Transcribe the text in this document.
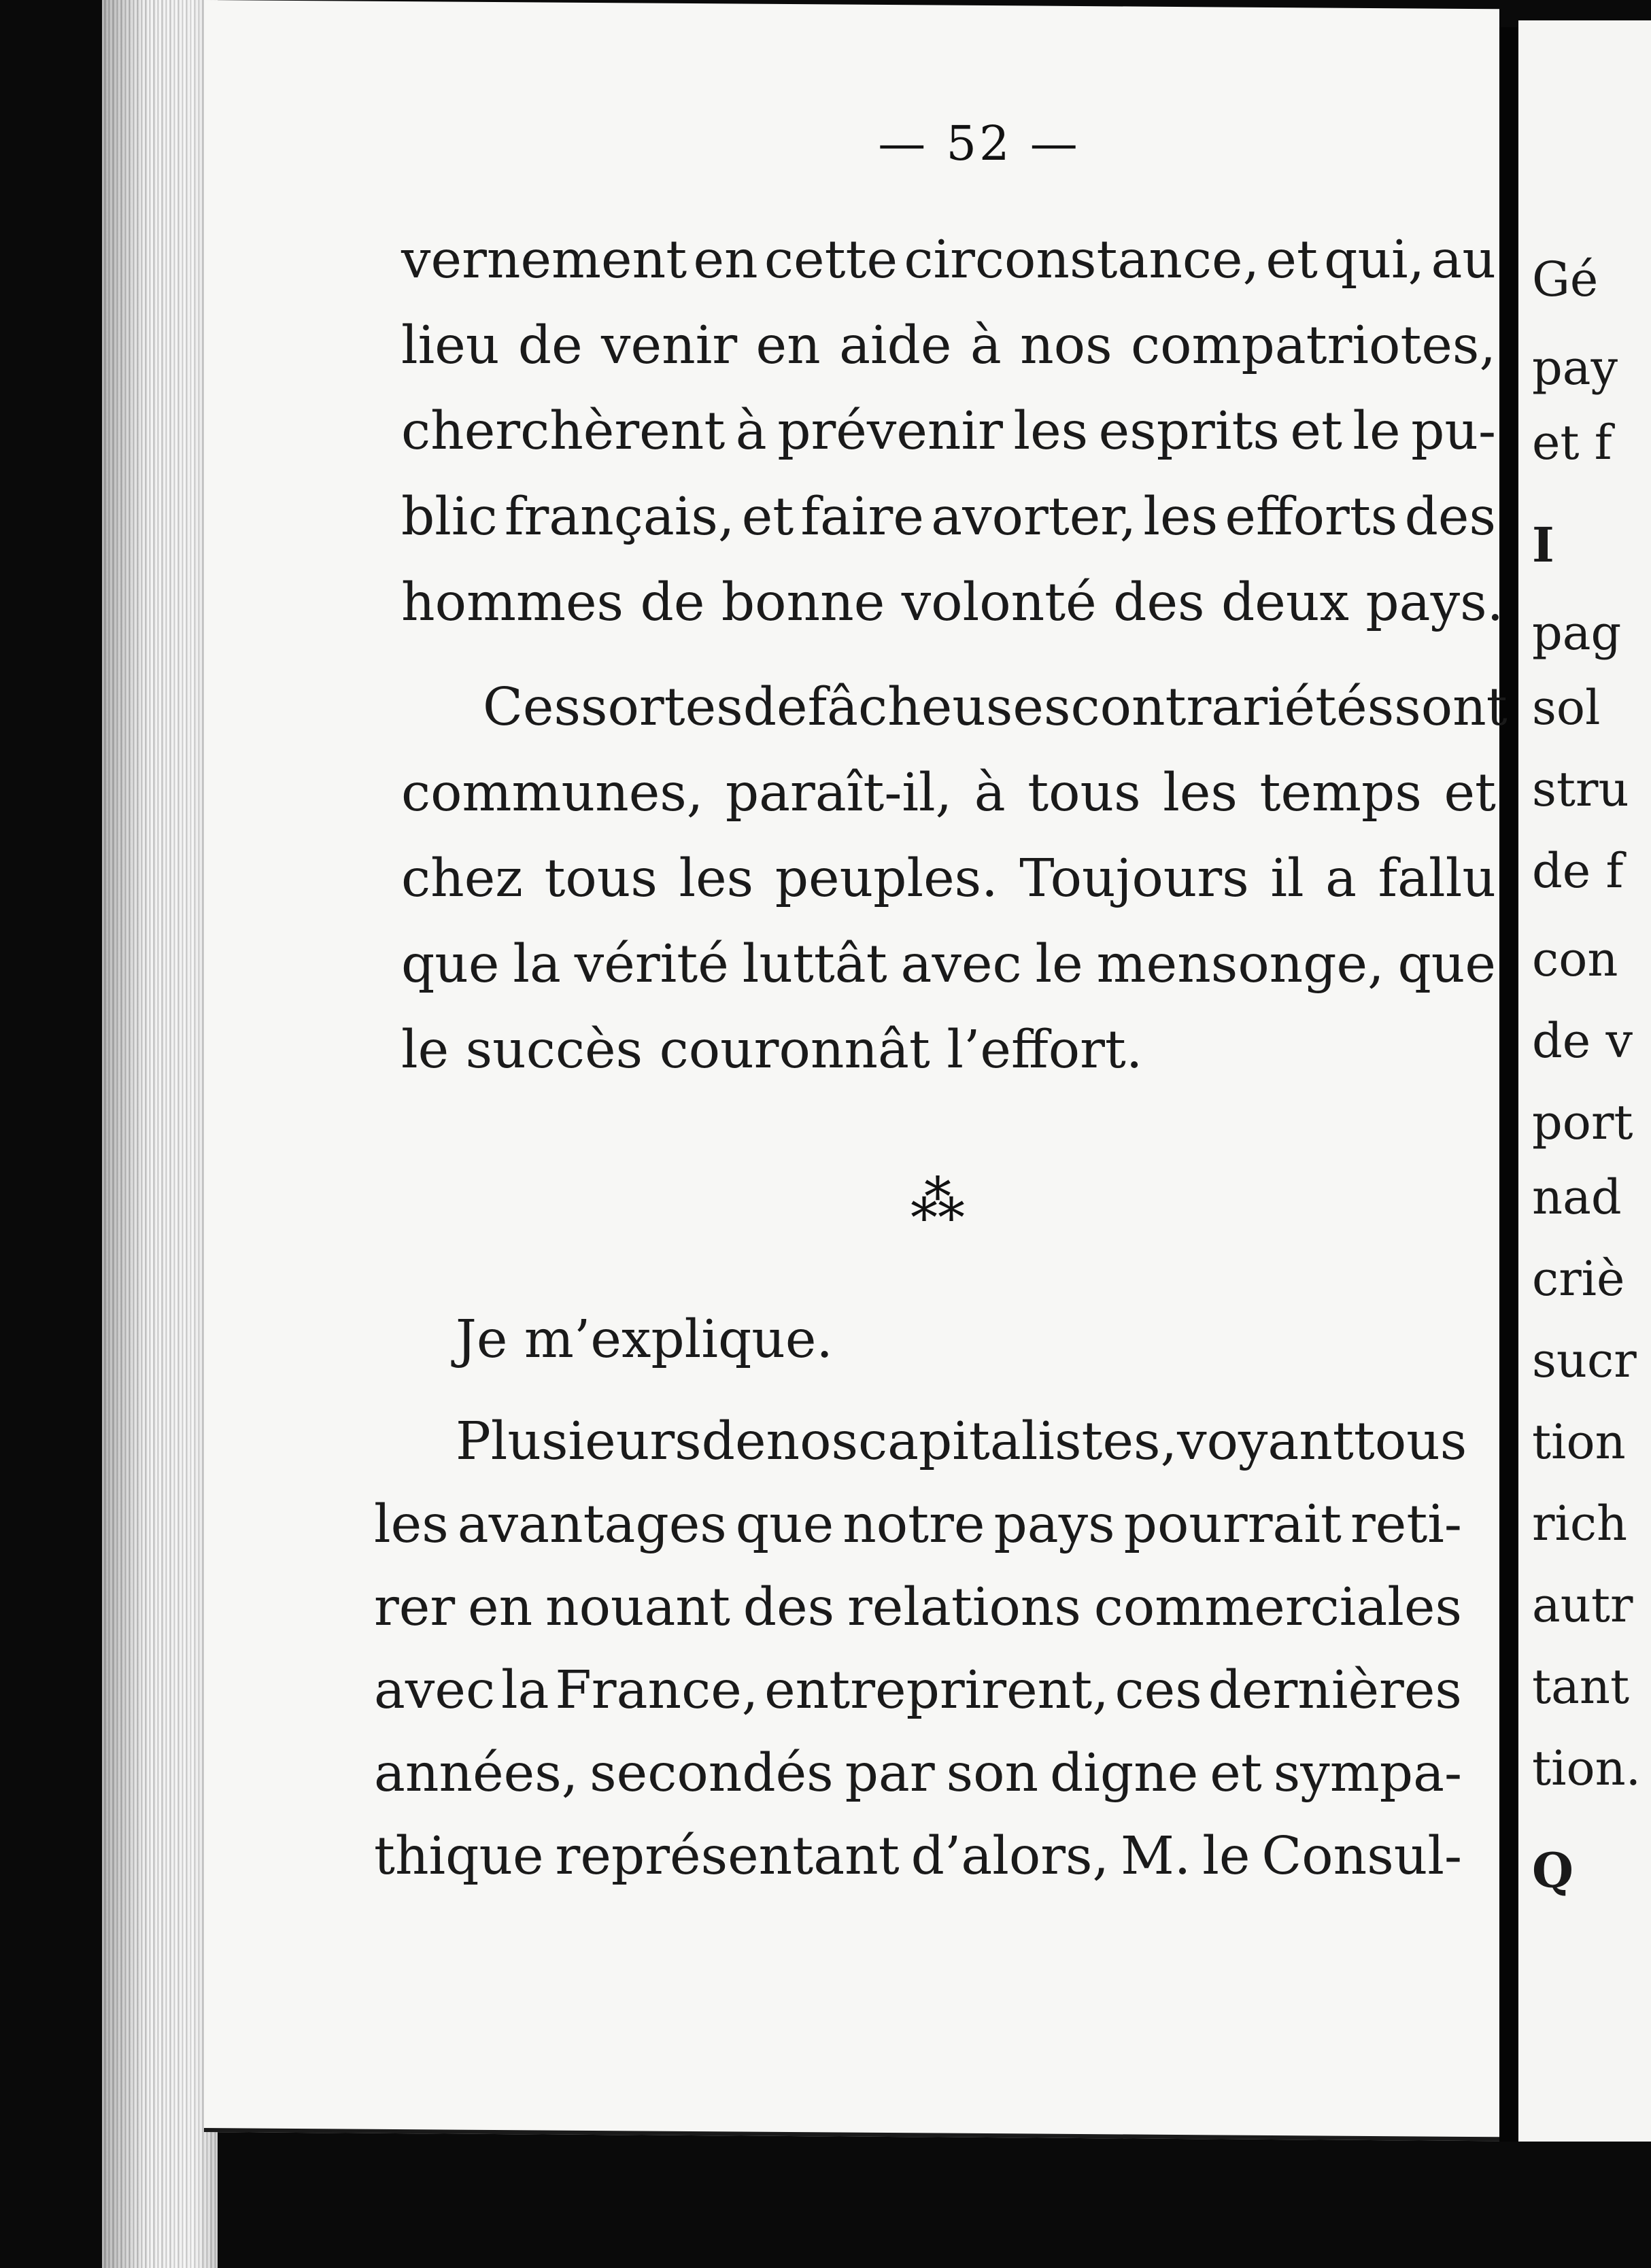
Gé
pay
et f
I
pag
sol
stru
de f
con
de v
port
nad
criè
sucr
tion
rich
autr
tant
tion.
Q
— 52 —
vernement en cette circonstance, et qui, au
lieu de venir en aide à nos compatriotes,
cherchèrent à prévenir les esprits et le pu-
blic français, et faire avorter, les efforts des
hommes de bonne volonté des deux pays.
Ces sortes de fâcheuses contrariétés sont
communes, paraît-il, à tous les temps et
chez tous les peuples. Toujours il a fallu
que la vérité luttât avec le mensonge, que
le succès couronnât l’effort.
⁂
Je m’explique.
Plusieurs de nos capitalistes, voyant tous
les avantages que notre pays pourrait reti-
rer en nouant des relations commerciales
avec la France, entreprirent, ces dernières
années, secondés par son digne et sympa-
thique représentant d’alors, M. le Consul-
